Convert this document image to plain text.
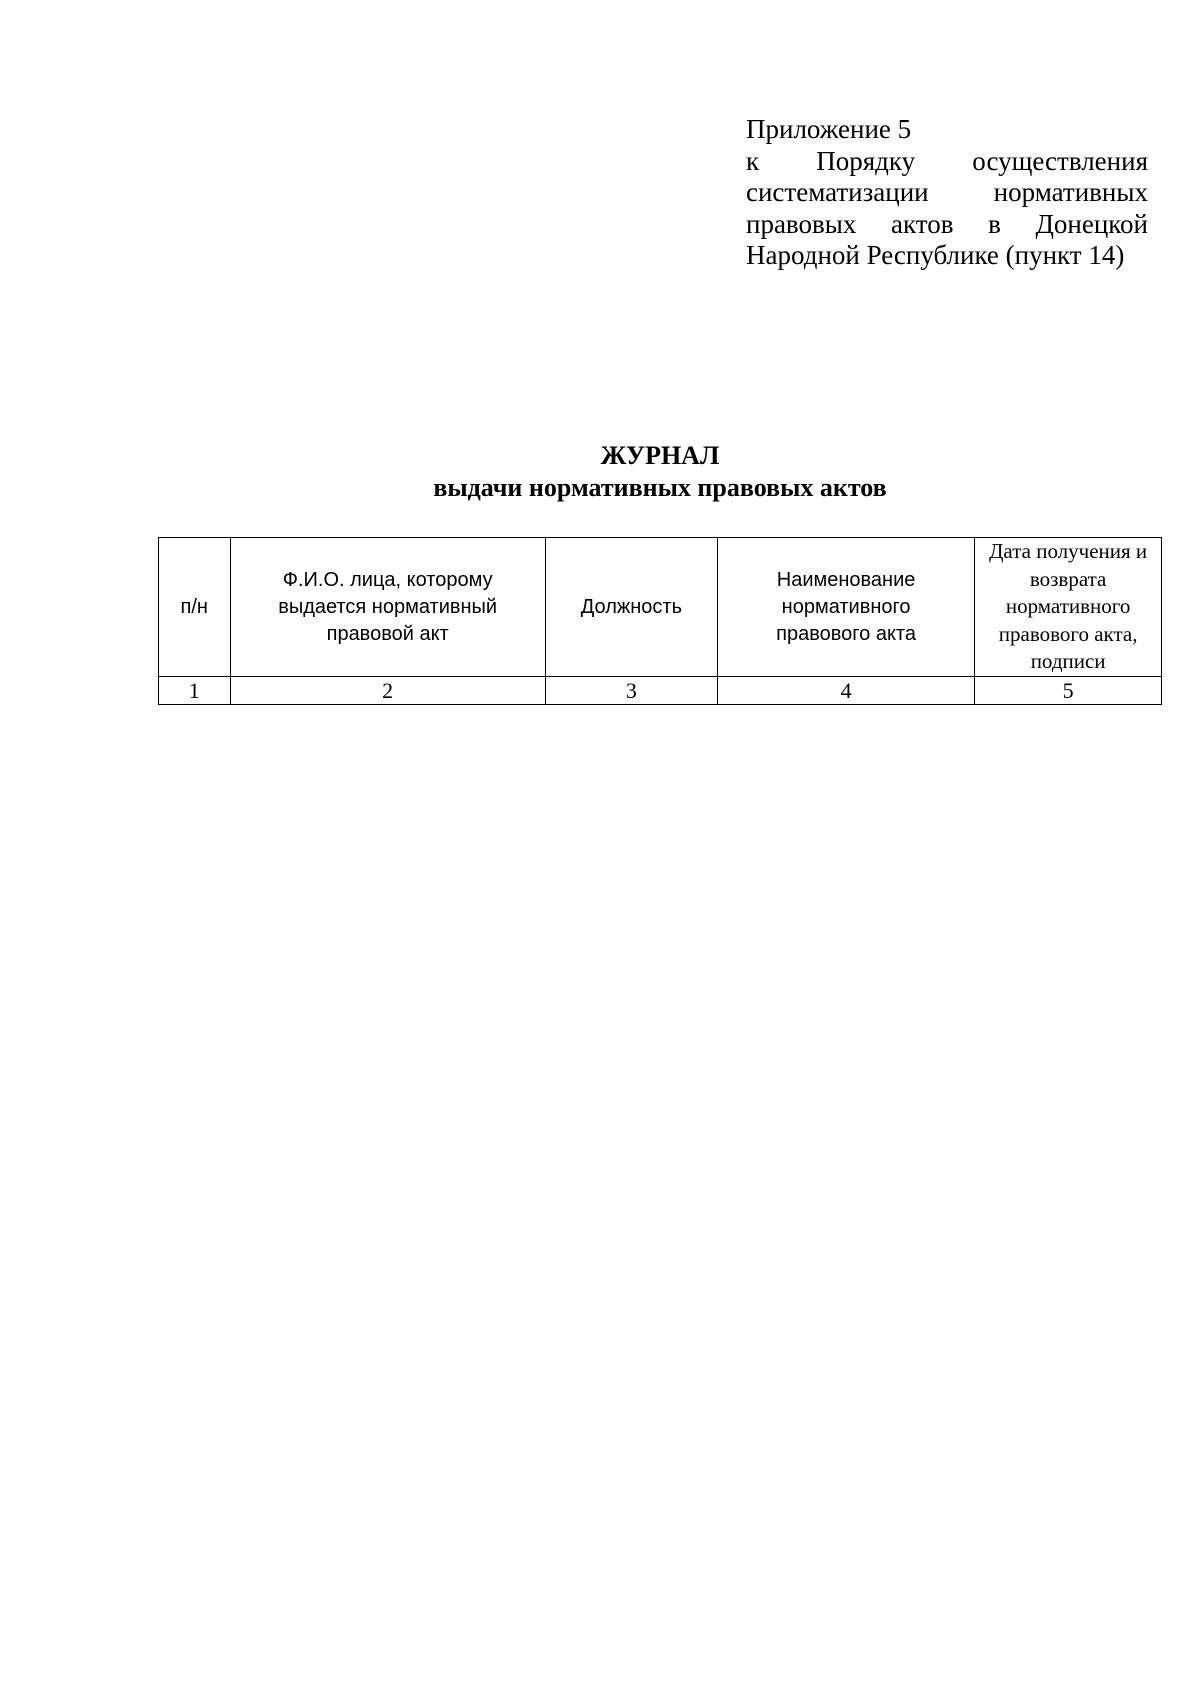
Приложение 5
к Порядку осуществления систематизации нормативных правовых актов в Донецкой Народной Республике (пункт 14)
ЖУРНАЛ
выдачи нормативных правовых актов
п/н	Ф.И.О. лица, которому выдается нормативный правовой акт	Должность	Наименование нормативного правового акта	Дата получения и возврата нормативного правового акта, подписи
1	2	3	4	5
